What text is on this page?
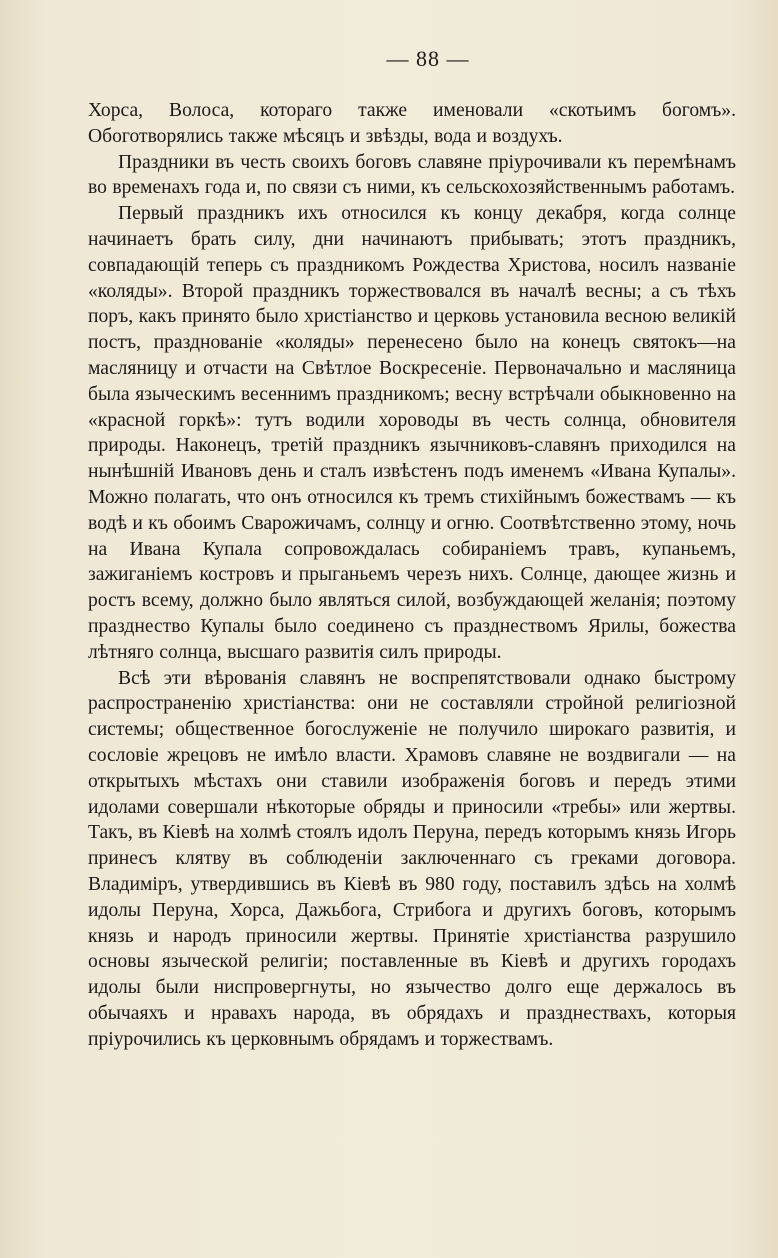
— 88 —

Хорса, Волоса, котораго также именовали «скотьимъ богомъ». Обоготворялись также мѣсяцъ и звѣзды, вода и воздухъ.

Праздники въ честь своихъ боговъ славяне пріурочивали къ перемѣнамъ во временахъ года и, по связи съ ними, къ сельскохозяйственнымъ работамъ.

Первый праздникъ ихъ относился къ концу декабря, когда солнце начинаетъ брать силу, дни начинаютъ прибывать; этотъ праздникъ, совпадающій теперь съ праздникомъ Рождества Христова, носилъ названіе «коляды». Второй праздникъ торжествовался въ началѣ весны; а съ тѣхъ поръ, какъ принято было христіанство и церковь установила весною великій постъ, празднованіе «коляды» перенесено было на конецъ святокъ—на масляницу и отчасти на Свѣтлое Воскресеніе. Первоначально и масляница была языческимъ весеннимъ праздникомъ; весну встрѣчали обыкновенно на «красной горкѣ»: тутъ водили хороводы въ честь солнца, обновителя природы. Наконецъ, третій праздникъ язычниковъ-славянъ приходился на нынѣшній Ивановъ день и сталъ извѣстенъ подъ именемъ «Ивана Купалы». Можно полагать, что онъ относился къ тремъ стихійнымъ божествамъ — къ водѣ и къ обоимъ Сварожичамъ, солнцу и огню. Соотвѣтственно этому, ночь на Ивана Купала сопровождалась собираніемъ травъ, купаньемъ, зажиганіемъ костровъ и прыганьемъ черезъ нихъ. Солнце, дающее жизнь и ростъ всему, должно было являться силой, возбуждающей желанія; поэтому празднество Купалы было соединено съ празднествомъ Ярилы, божества лѣтняго солнца, высшаго развитія силъ природы.

Всѣ эти вѣрованія славянъ не воспрепятствовали однако быстрому распространенію христіанства: они не составляли стройной религіозной системы; общественное богослуженіе не получило широкаго развитія, и сословіе жрецовъ не имѣло власти. Храмовъ славяне не воздвигали — на открытыхъ мѣстахъ они ставили изображенія боговъ и передъ этими идолами совершали нѣкоторые обряды и приносили «требы» или жертвы. Такъ, въ Кіевѣ на холмѣ стоялъ идолъ Перуна, передъ которымъ князь Игорь принесъ клятву въ соблюденіи заключеннаго съ греками договора. Владиміръ, утвердившись въ Кіевѣ въ 980 году, поставилъ здѣсь на холмѣ идолы Перуна, Хорса, Дажьбога, Стрибога и другихъ боговъ, которымъ князь и народъ приносили жертвы. Принятіе христіанства разрушило основы языческой религіи; поставленные въ Кіевѣ и другихъ городахъ идолы были ниспровергнуты, но язычество долго еще держалось въ обычаяхъ и нравахъ народа, въ обрядахъ и празднествахъ, которыя пріурочились къ церковнымъ обрядамъ и торжествамъ.
